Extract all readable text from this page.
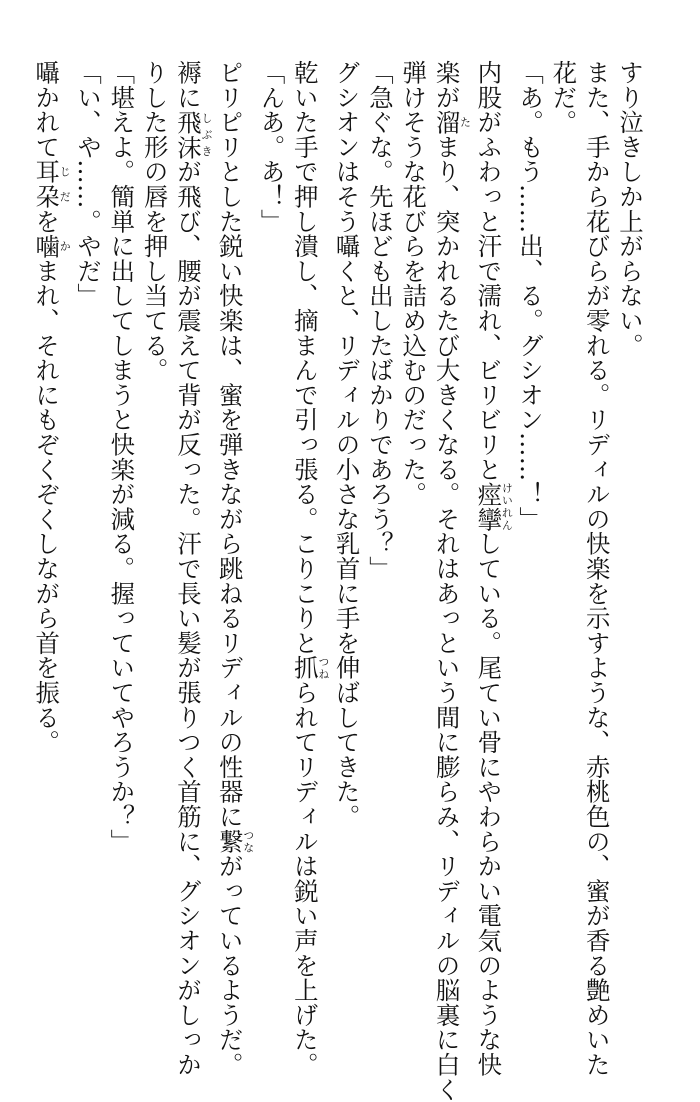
すり泣きしか上がらない。

また、手から花びらが零れる。リディルの快楽を示すような、赤桃色の、蜜が香る艶めいた

花だ。

「あ。もう……出、る。グシオン……！」

内股がふわっと汗で濡れ、ビリビリと痙攣けいれんしている。尾てい骨にやわらかい電気のような快

楽が溜たまり、突かれるたび大きくなる。それはあっという間に膨らみ、リディルの脳裏に白く

弾けそうな花びらを詰め込むのだった。

「急ぐな。先ほども出したばかりであろう？」

グシオンはそう囁くと、リディルの小さな乳首に手を伸ばしてきた。

乾いた手で押し潰し、摘まんで引っ張る。こりこりと抓つねられてリディルは鋭い声を上げた。

「んあ。あ！」

ピリピリとした鋭い快楽は、蜜を弾きながら跳ねるリディルの性器に繋つながっているようだ。

褥に飛沫しぶきが飛び、腰が震えて背が反った。汗で長い髪が張りつく首筋に、グシオンがしっか

りした形の唇を押し当てる。

「堪えよ。簡単に出してしまうと快楽が減る。握っていてやろうか？」

「い、や……。やだ」

囁かれて耳朶じだを噛かまれ、それにもぞくぞくしながら首を振る。
